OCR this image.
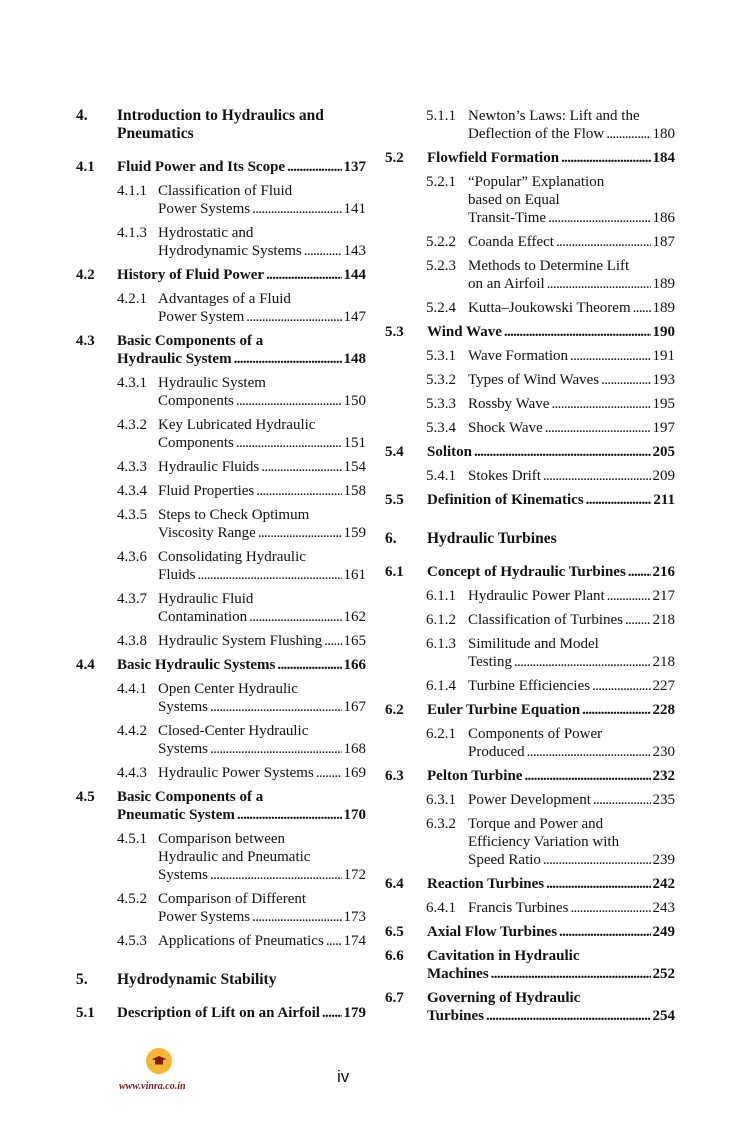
4. Introduction to Hydraulics and
Pneumatics
4.1 Fluid Power and Its Scope . . .	137
4.1.1 Classification of Fluid
Power Systems . . .	141
4.1.3 Hydrostatic and
Hydrodynamic Systems . . .	143
4.2 History of Fluid Power . . .	144
4.2.1 Advantages of a Fluid
Power System . . .	147
4.3 Basic Components of a
Hydraulic System . . .	148
4.3.1 Hydraulic System
Components . . .	150
4.3.2 Key Lubricated Hydraulic
Components . . .	151
4.3.3 Hydraulic Fluids . . .	154
4.3.4 Fluid Properties . . .	158
4.3.5 Steps to Check Optimum
Viscosity Range . . .	159
4.3.6 Consolidating Hydraulic
Fluids . . .	161
4.3.7 Hydraulic Fluid
Contamination . . .	162
4.3.8 Hydraulic System Flushing . . . 165
4.4 Basic Hydraulic Systems . . .	166
4.4.1 Open Center Hydraulic
Systems . . .	167
4.4.2 Closed-Center Hydraulic
Systems . . .	168
4.4.3 Hydraulic Power Systems . . . 169
4.5 Basic Components of a
Pneumatic System . . .	170
4.5.1 Comparison between
Hydraulic and Pneumatic
Systems . . .	172
4.5.2 Comparison of Different
Power Systems . . .	173
4.5.3 Applications of Pneumatics . . . 174
5. Hydrodynamic Stability
5.1 Description of Lift on an Airfoil . . . 179
5.1.1 Newton’s Laws: Lift and the
Deflection of the Flow . . .	180
5.2 Flowfield Formation . . .	184
5.2.1 “Popular” Explanation
based on Equal
Transit-Time . . .	186
5.2.2 Coanda Effect . . .	187
5.2.3 Methods to Determine Lift
on an Airfoil . . .	189
5.2.4 Kutta–Joukowski Theorem . . . 189
5.3 Wind Wave . . .	190
5.3.1 Wave Formation . . .	191
5.3.2 Types of Wind Waves . . .	193
5.3.3 Rossby Wave . . .	195
5.3.4 Shock Wave . . .	197
5.4 Soliton . . .	205
5.4.1 Stokes Drift . . .	209
5.5 Definition of Kinematics . . .	211
6. Hydraulic Turbines
6.1 Concept of Hydraulic Turbines . . . 216
6.1.1 Hydraulic Power Plant . . .	217
6.1.2 Classification of Turbines . . . 218
6.1.3 Similitude and Model
Testing . . .	218
6.1.4 Turbine Efficiencies . . .	227
6.2 Euler Turbine Equation . . .	228
6.2.1 Components of Power
Produced . . .	230
6.3 Pelton Turbine . . .	232
6.3.1 Power Development . . .	235
6.3.2 Torque and Power and
Efficiency Variation with
Speed Ratio . . .	239
6.4 Reaction Turbines . . .	242
6.4.1 Francis Turbines . . .	243
6.5 Axial Flow Turbines . . .	249
6.6 Cavitation in Hydraulic
Machines . . .	252
6.7 Governing of Hydraulic
Turbines . . .	254
www.vinra.co.in
iv
